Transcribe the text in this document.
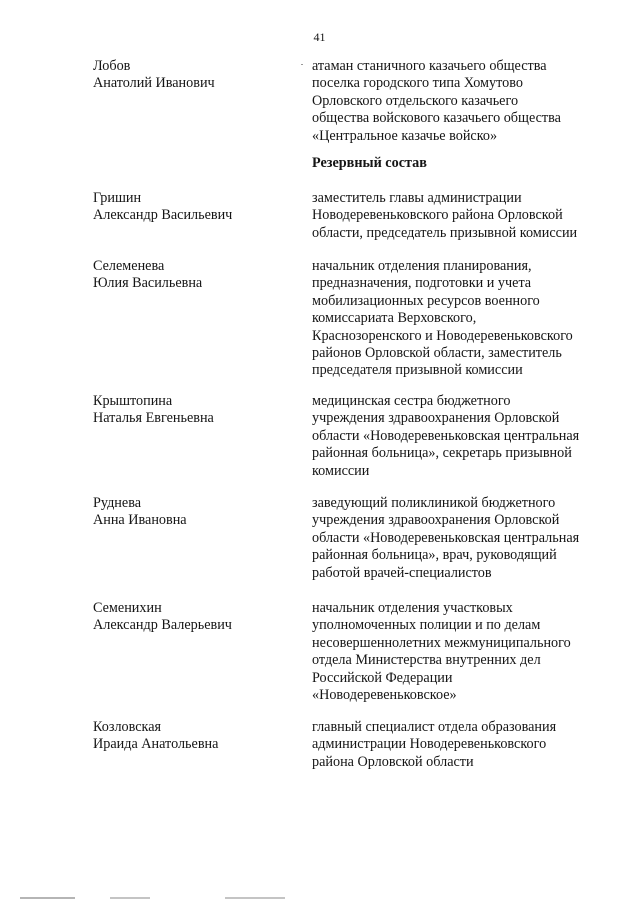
41
Лобов
Анатолий Иванович
атаман станичного казачьего общества
поселка городского типа Хомутово
Орловского отдельского казачьего
общества войскового казачьего общества
«Центральное казачье войско»
Резервный состав
Гришин
Александр Васильевич
заместитель главы администрации
Новодеревеньковского района Орловской
области, председатель призывной комиссии
Селеменева
Юлия Васильевна
начальник отделения планирования,
предназначения, подготовки и учета
мобилизационных ресурсов военного
комиссариата Верховского,
Краснозоренского и Новодеревеньковского
районов Орловской области, заместитель
председателя призывной комиссии
Крыштопина
Наталья Евгеньевна
медицинская сестра бюджетного
учреждения здравоохранения Орловской
области «Новодеревеньковская центральная
районная больница», секретарь призывной
комиссии
Руднева
Анна Ивановна
заведующий поликлиникой бюджетного
учреждения здравоохранения Орловской
области «Новодеревеньковская центральная
районная больница», врач, руководящий
работой врачей-специалистов
Семенихин
Александр Валерьевич
начальник отделения участковых
уполномоченных полиции и по делам
несовершеннолетних межмуниципального
отдела Министерства внутренних дел
Российской Федерации
«Новодеревеньковское»
Козловская
Ираида Анатольевна
главный специалист отдела образования
администрации Новодеревеньковского
района Орловской области
